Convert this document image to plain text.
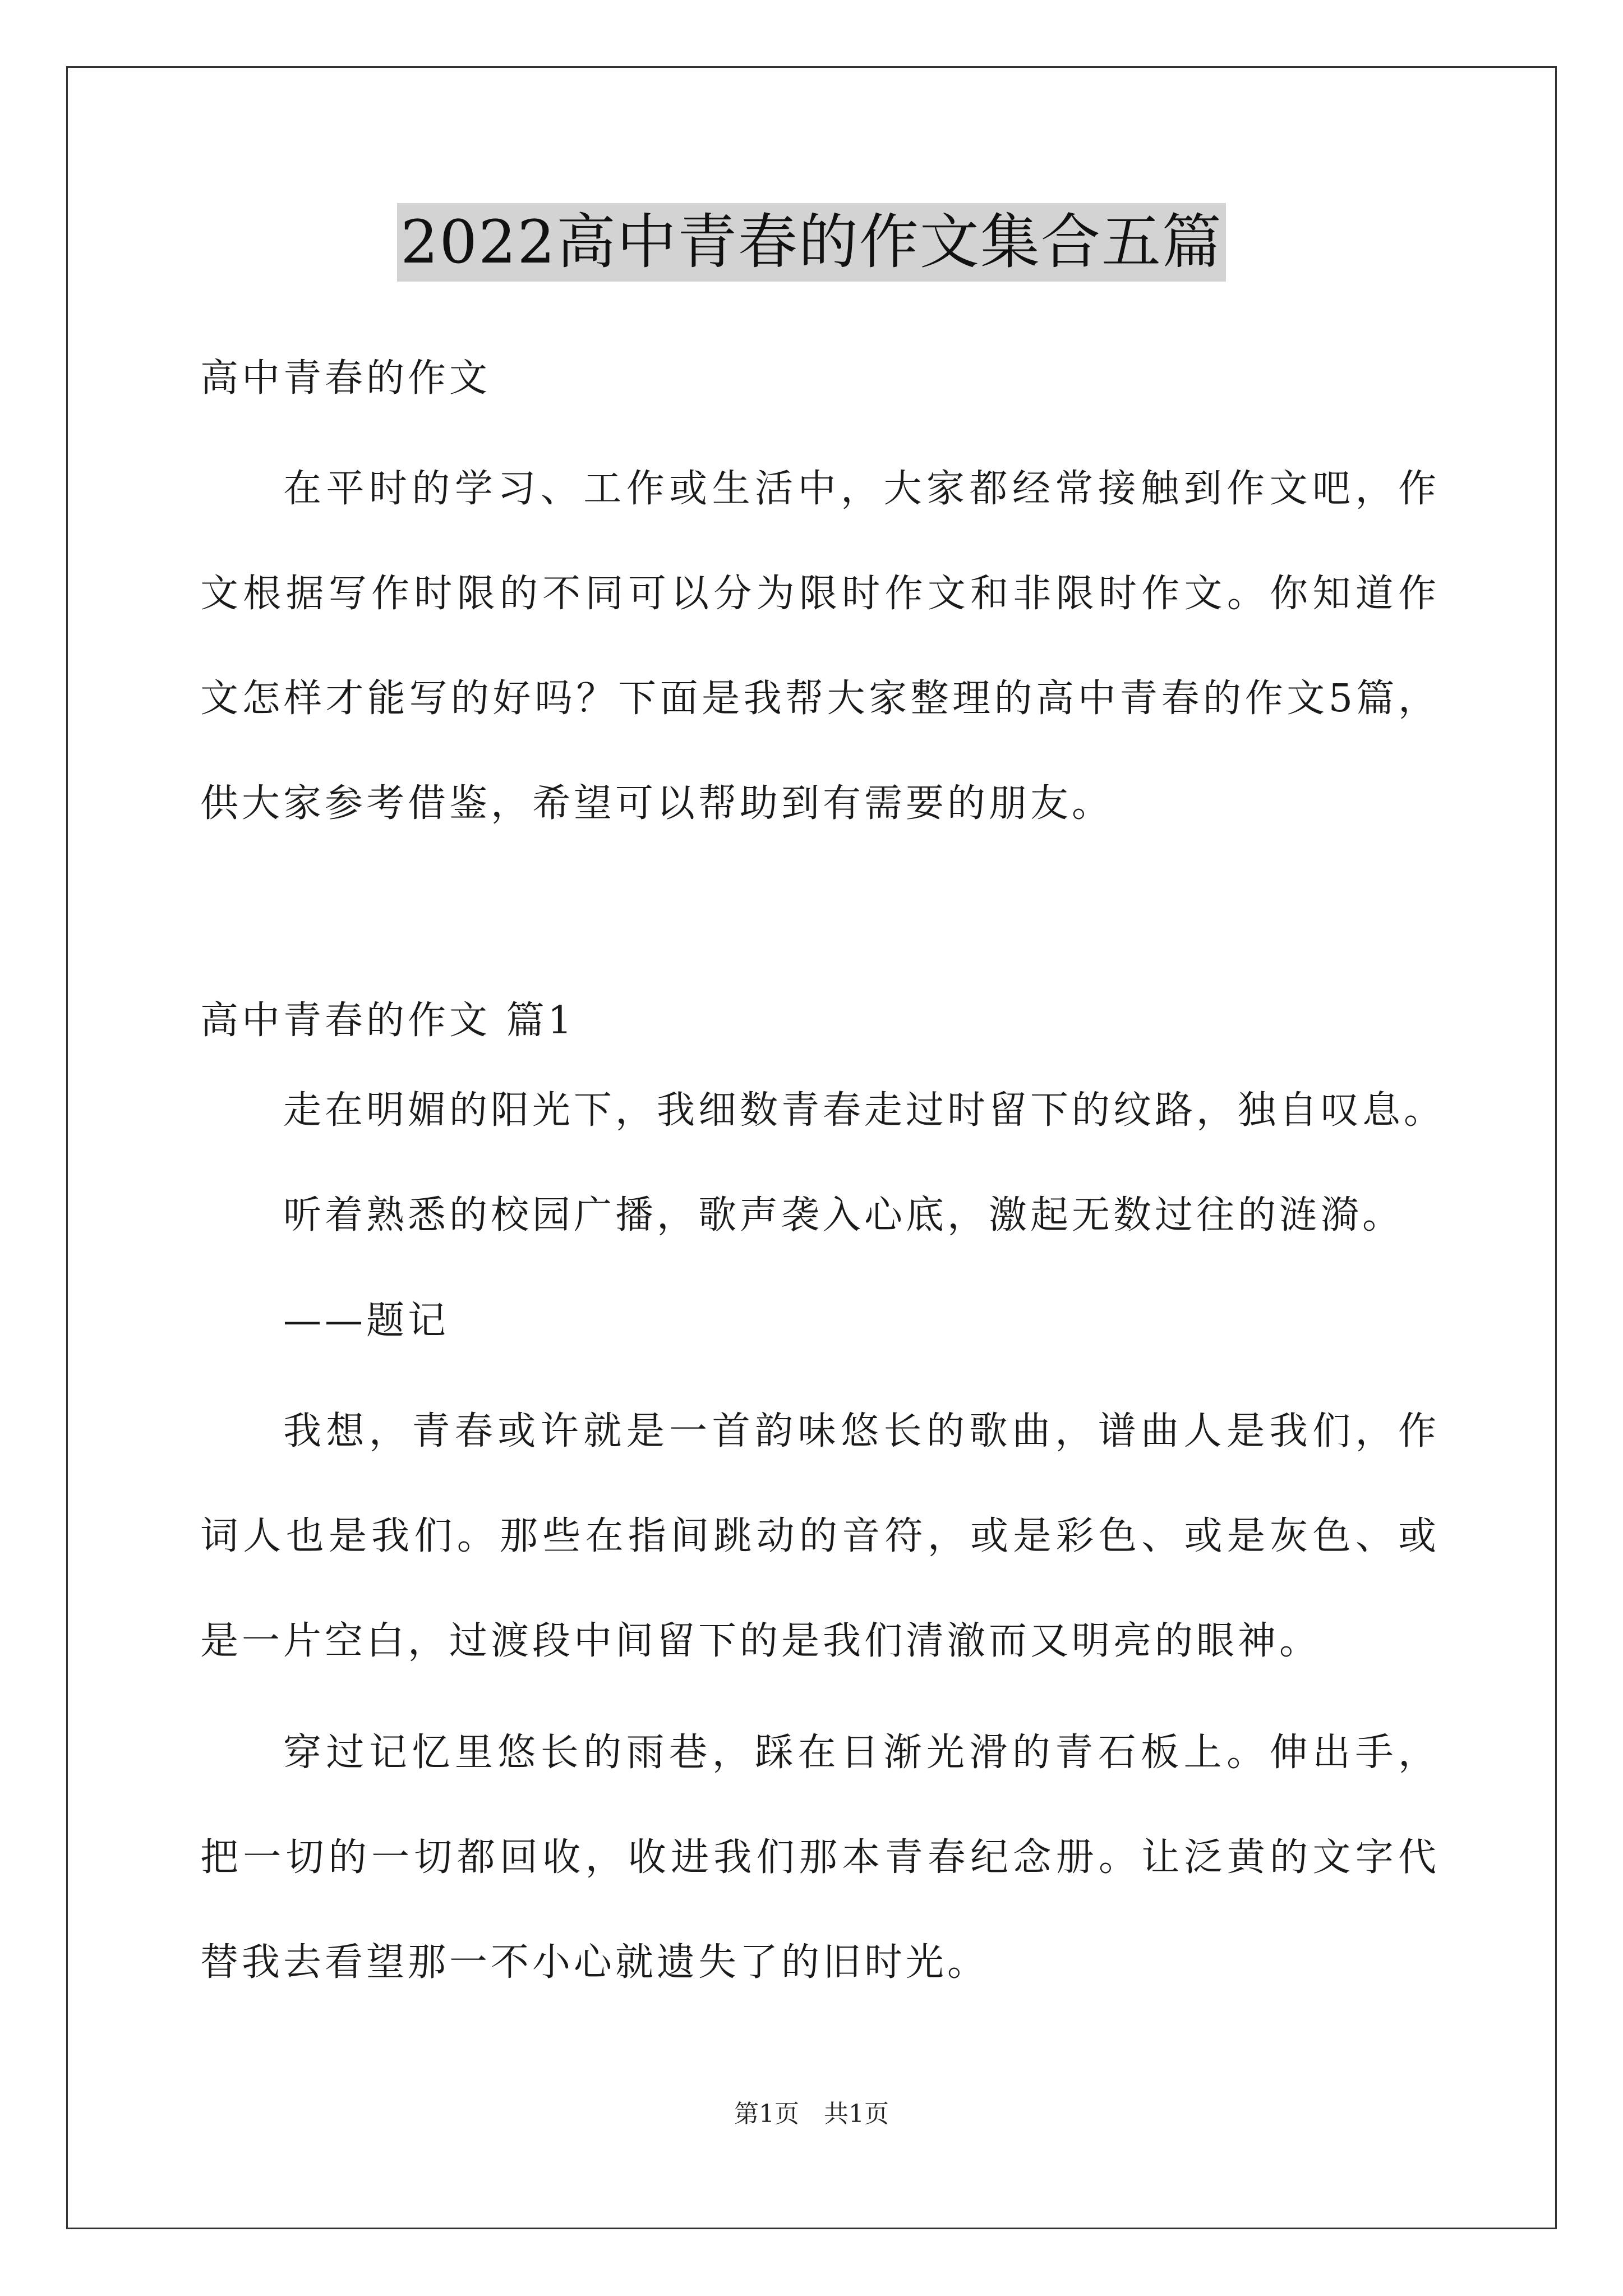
2022高中青春的作文集合五篇

高中青春的作文

在平时的学习、工作或生活中，大家都经常接触到作文吧，作文根据写作时限的不同可以分为限时作文和非限时作文。你知道作文怎样才能写的好吗？下面是我帮大家整理的高中青春的作文5篇，供大家参考借鉴，希望可以帮助到有需要的朋友。

高中青春的作文 篇1

走在明媚的阳光下，我细数青春走过时留下的纹路，独自叹息。

听着熟悉的校园广播，歌声袭入心底，激起无数过往的涟漪。

——题记

我想，青春或许就是一首韵味悠长的歌曲，谱曲人是我们，作词人也是我们。那些在指间跳动的音符，或是彩色、或是灰色、或是一片空白，过渡段中间留下的是我们清澈而又明亮的眼神。

穿过记忆里悠长的雨巷，踩在日渐光滑的青石板上。伸出手，把一切的一切都回收，收进我们那本青春纪念册。让泛黄的文字代替我去看望那一不小心就遗失了的旧时光。

第1页　共1页
